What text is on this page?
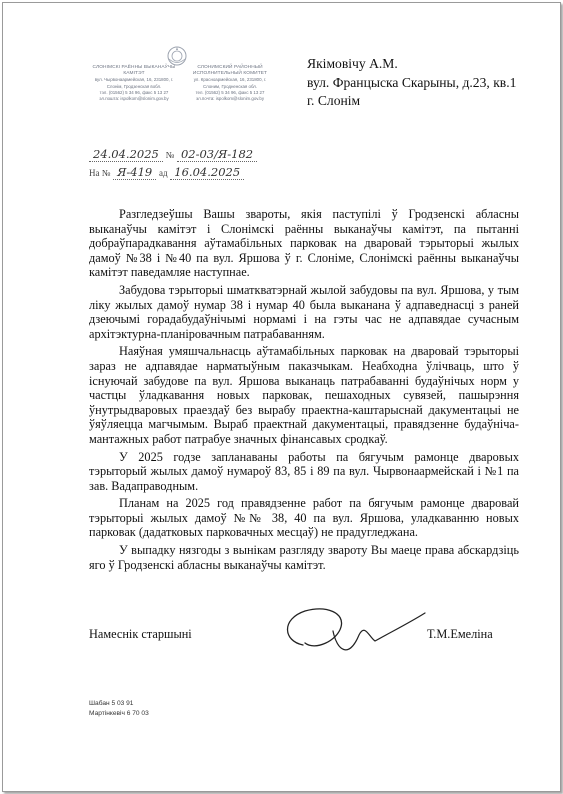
СЛОНІМСКІ РАЁННЫ ВЫКАНАЎЧЫ КАМІТЭТ
вул. Чырвонаармейская, 16, 231800, г. Слонім, Гродзенская вобл.
тэл. (01562) 5 34 96, факс 5 13 27
эл.пошта: ispolkom@slonim.gov.by
СЛОНИМСКИЙ РАЙОННЫЙ ИСПОЛНИТЕЛЬНЫЙ КОМИТЕТ
ул. Красноармейская, 16, 231800, г. Слоним, Гродненская обл.
тел. (01562) 5 34 96, факс 5 13 27
эл.почта: ispolkom@slonim.gov.by
24.04.2025 № 02-03/Я-182
На № Я-419 ад 16.04.2025
Якімовічу А.М.
вул. Францыска Скарыны, д.23, кв.1
г. Слонім

Разгледзеўшы Вашы звароты, якія паступілі ў Гродзенскі абласны выканаўчы камітэт і Слонімскі раённы выканаўчы камітэт, па пытанні добраўпарадкавання аўтамабільных парковак на дваровай тэрыторыі жылых дамоў №38 і №40 па вул. Яршова ў г. Слоніме, Слонімскі раённы выканаўчы камітэт паведамляе наступнае.

Забудова тэрыторыі шматкватэрнай жылой забудовы па вул. Яршова, у тым ліку жылых дамоў нумар 38 і нумар 40 была выканана ў адпаведнасці з раней дзеючымі горадабудаўнічымі нормамі і на гэты час не адпавядае сучасным архітэктурна-планіровачным патрабаванням.

Наяўная умяшчальнасць аўтамабільных парковак на дваровай тэрыторыі зараз не адпавядае нарматыўным паказчыкам. Неабходна ўлічваць, што ў існуючай забудове па вул. Яршова выканаць патрабаванні будаўнічых норм у частцы ўладкавання новых парковак, пешаходных сувязей, пашырэння ўнутрыдваровых праездаў без вырабу праектна-каштарыснай дакументацыі не ўяўляецца магчымым. Выраб праектнай дакументацыі, правядзенне будаўніча-мантажных работ патрабуе значных фінансавых сродкаў.

У 2025 годзе запланаваны работы па бягучым рамонце дваровых тэрыторый жылых дамоў нумароў 83, 85 і 89 па вул. Чырвонаармейскай і №1 па зав. Вадаправодным.

Планам на 2025 год правядзенне работ па бягучым рамонце дваровай тэрыторыі жылых дамоў №№ 38, 40 па вул. Яршова, уладкаванню новых парковак (дадатковых парковачных месцаў) не прадугледжана.

У выпадку нязгоды з вынікам разгляду звароту Вы маеце права абскардзіць яго ў Гродзенскі абласны выканаўчы камітэт.

Намеснік старшыні	Т.М.Емеліна
Шабан 5 03 91
Мартінкевіч 6 70 03
